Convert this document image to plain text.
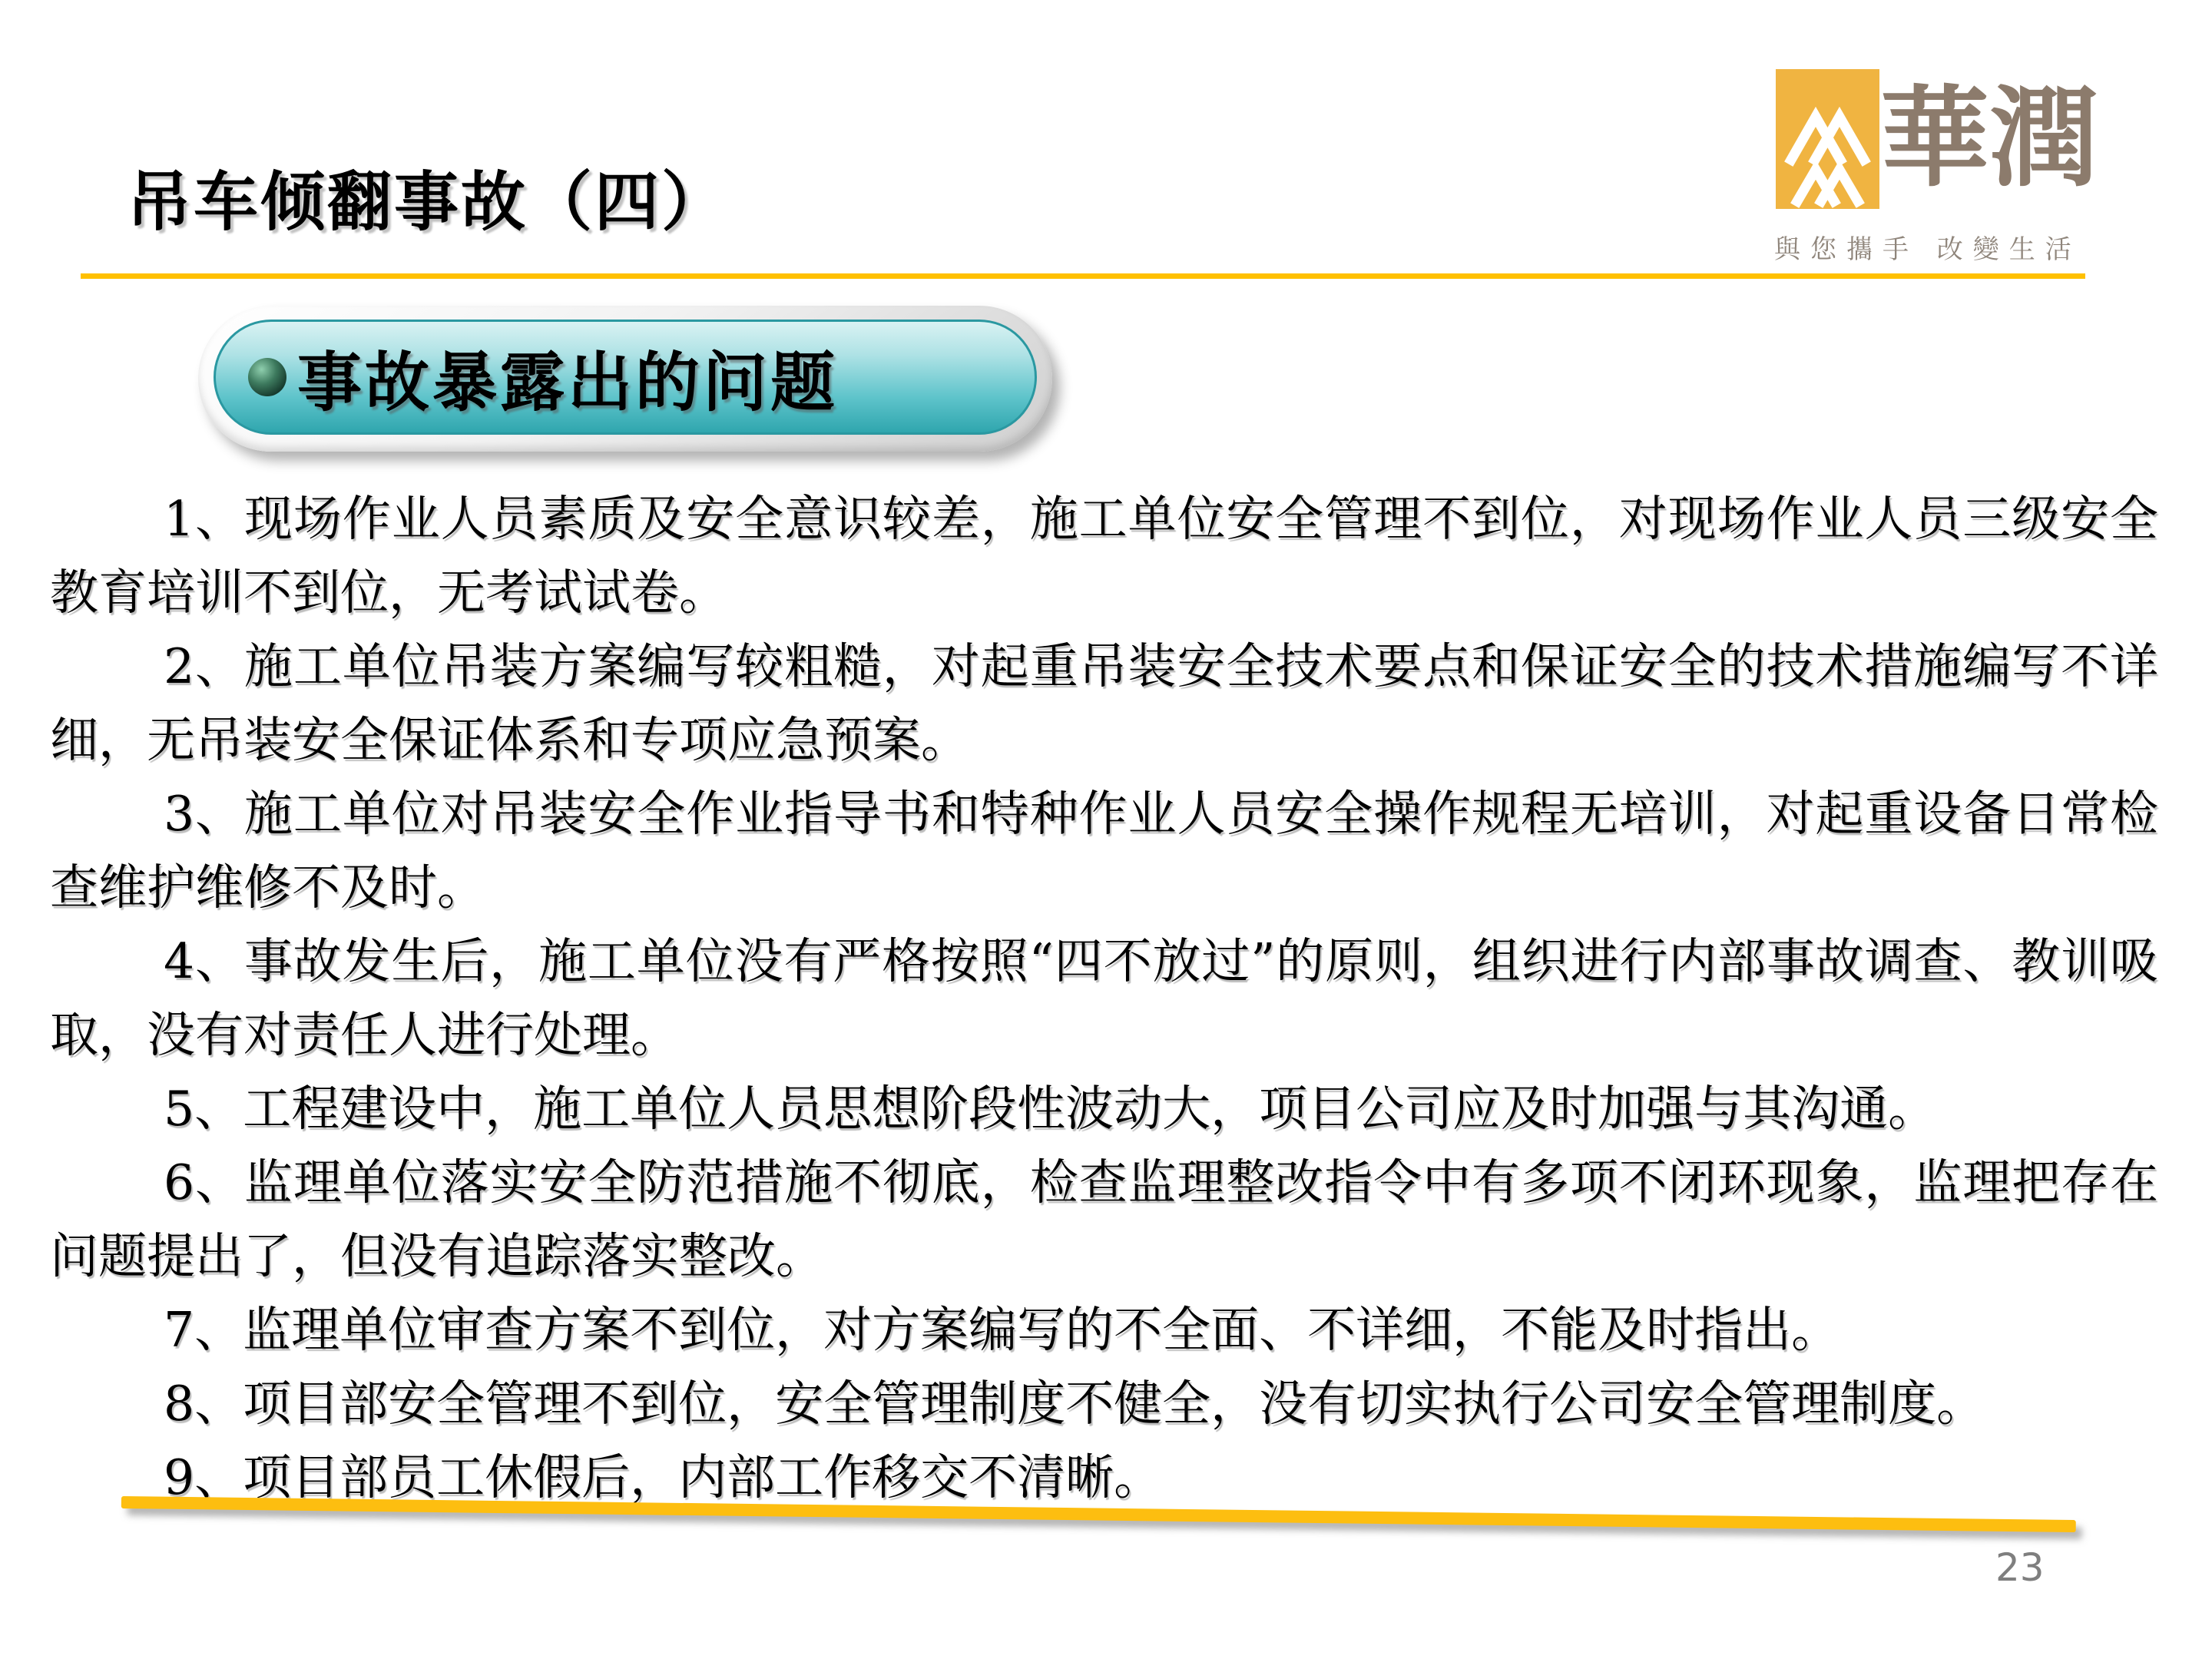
吊车倾翻事故（四）	華潤
與您攜手 改變生活
事故暴露出的问题

1、现场作业人员素质及安全意识较差，施工单位安全管理不到位，对现场作业人员三级安全教育培训不到位，无考试试卷。

2、施工单位吊装方案编写较粗糙，对起重吊装安全技术要点和保证安全的技术措施编写不详细，无吊装安全保证体系和专项应急预案。

3、施工单位对吊装安全作业指导书和特种作业人员安全操作规程无培训，对起重设备日常检查维护维修不及时。

4、事故发生后，施工单位没有严格按照“四不放过”的原则，组织进行内部事故调查、教训吸取，没有对责任人进行处理。

5、工程建设中，施工单位人员思想阶段性波动大，项目公司应及时加强与其沟通。

6、监理单位落实安全防范措施不彻底，检查监理整改指令中有多项不闭环现象，监理把存在问题提出了，但没有追踪落实整改。

7、监理单位审查方案不到位，对方案编写的不全面、不详细，不能及时指出。

8、项目部安全管理不到位，安全管理制度不健全，没有切实执行公司安全管理制度。

9、项目部员工休假后，内部工作移交不清晰。

23
